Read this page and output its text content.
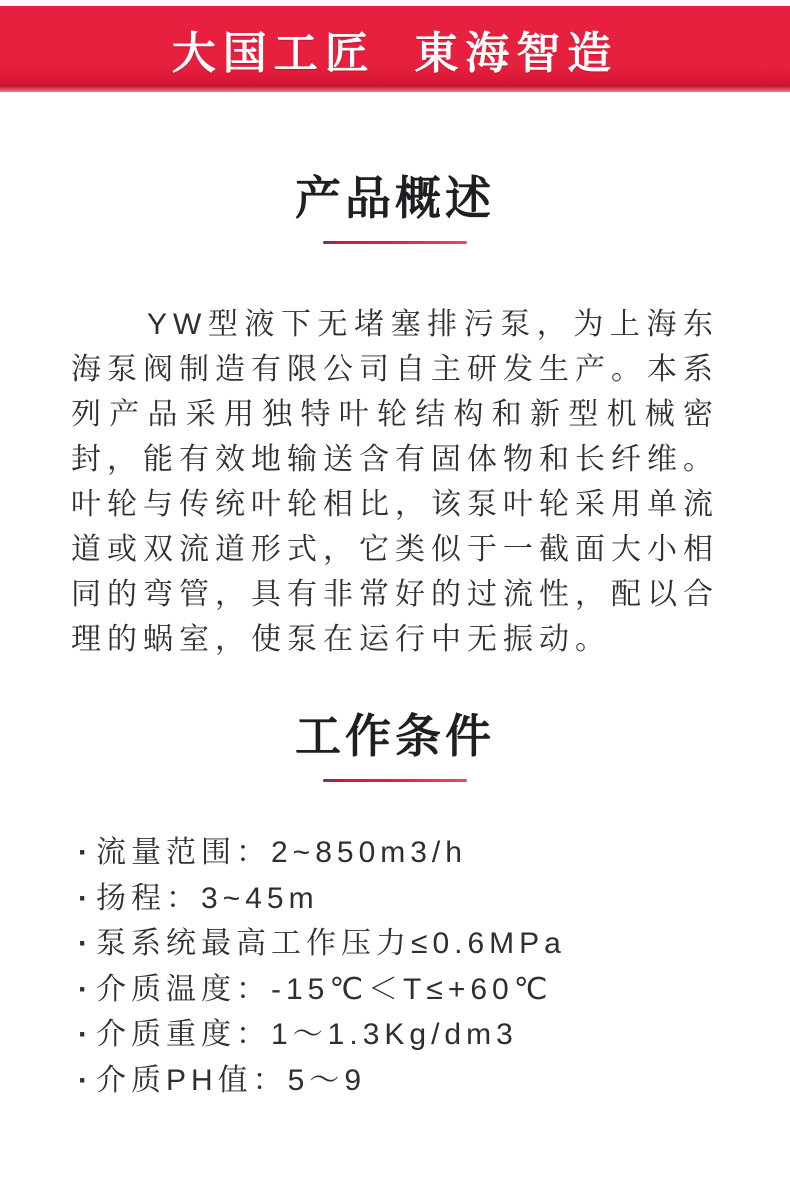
大国工匠  東海智造
产品概述

YW型液下无堵塞排污泵，为上海东海泵阀制造有限公司自主研发生产。本系列产品采用独特叶轮结构和新型机械密封，能有效地输送含有固体物和长纤维。叶轮与传统叶轮相比，该泵叶轮采用单流道或双流道形式，它类似于一截面大小相同的弯管，具有非常好的过流性，配以合理的蜗室，使泵在运行中无振动。

工作条件
· 流量范围：2~850m3/h
· 扬程：3~45m
· 泵系统最高工作压力≤0.6MPa
· 介质温度：-15℃＜T≤+60℃
· 介质重度：1～1.3Kg/dm3
· 介质PH值：5～9
